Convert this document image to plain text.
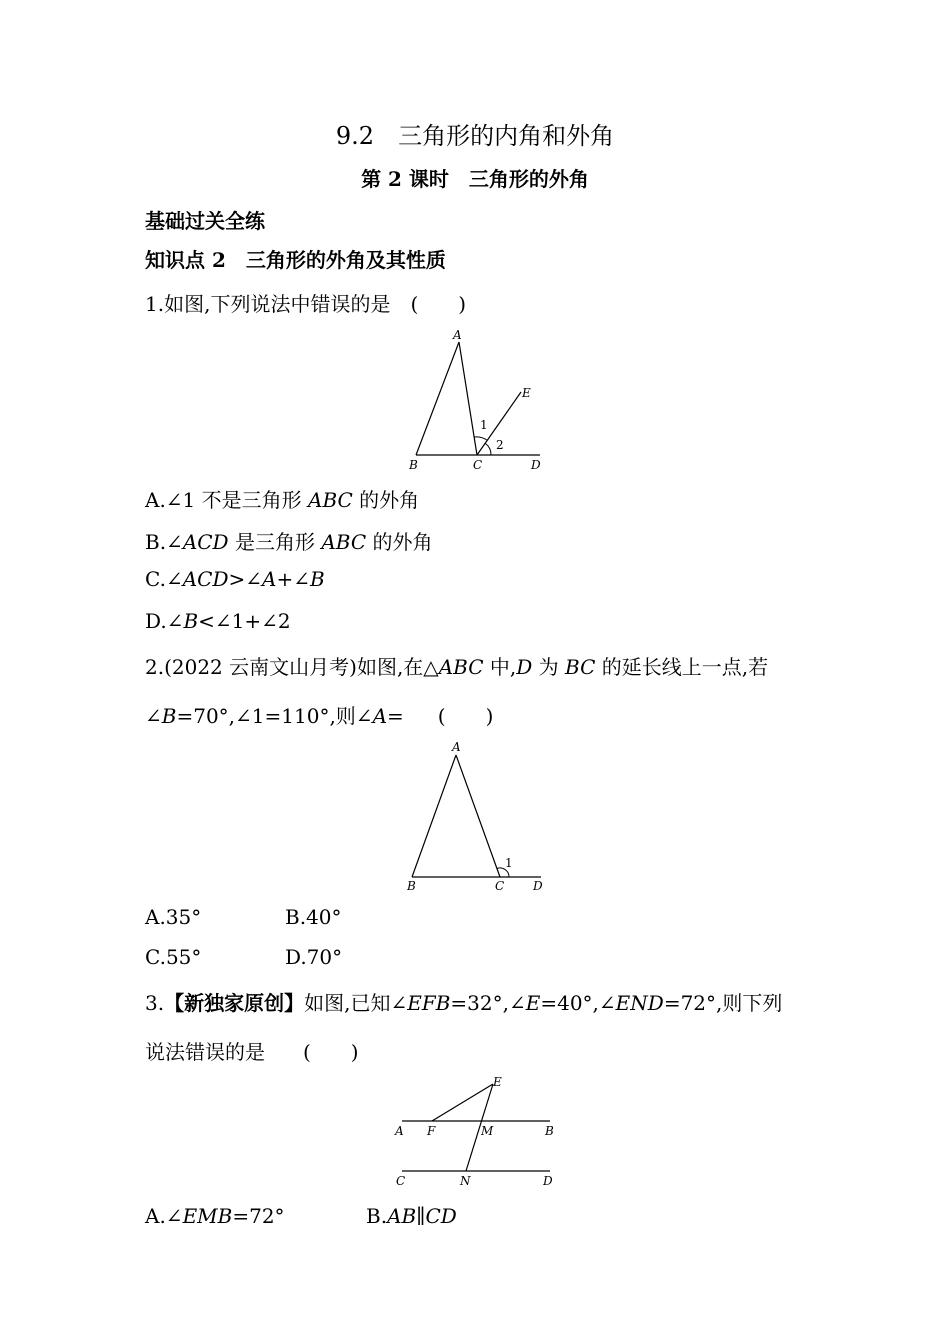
9.2　三角形的内角和外角
第 2 课时　三角形的外角
基础过关全练
知识点 2　三角形的外角及其性质
1.如图,下列说法中错误的是 (　　)
A
B	C	D
E
1
2
A.∠1 不是三角形 ABC 的外角
B.∠ACD 是三角形 ABC 的外角
C.∠ACD>∠A+∠B
D.∠B<∠1+∠2
2.(2022 云南文山月考)如图,在△ABC 中,D 为 BC 的延长线上一点,若
∠B=70°,∠1=110°,则∠A= (　　)
A
B	C D
1
A.35°	B.40°
C.55°	D.70°
3.【新独家原创】如图,已知∠EFB=32°,∠E=40°,∠END=72°,则下列
说法错误的是 (　　)
E
A F	M	B
C	N	D
A.∠EMB=72°	B.AB∥CD
